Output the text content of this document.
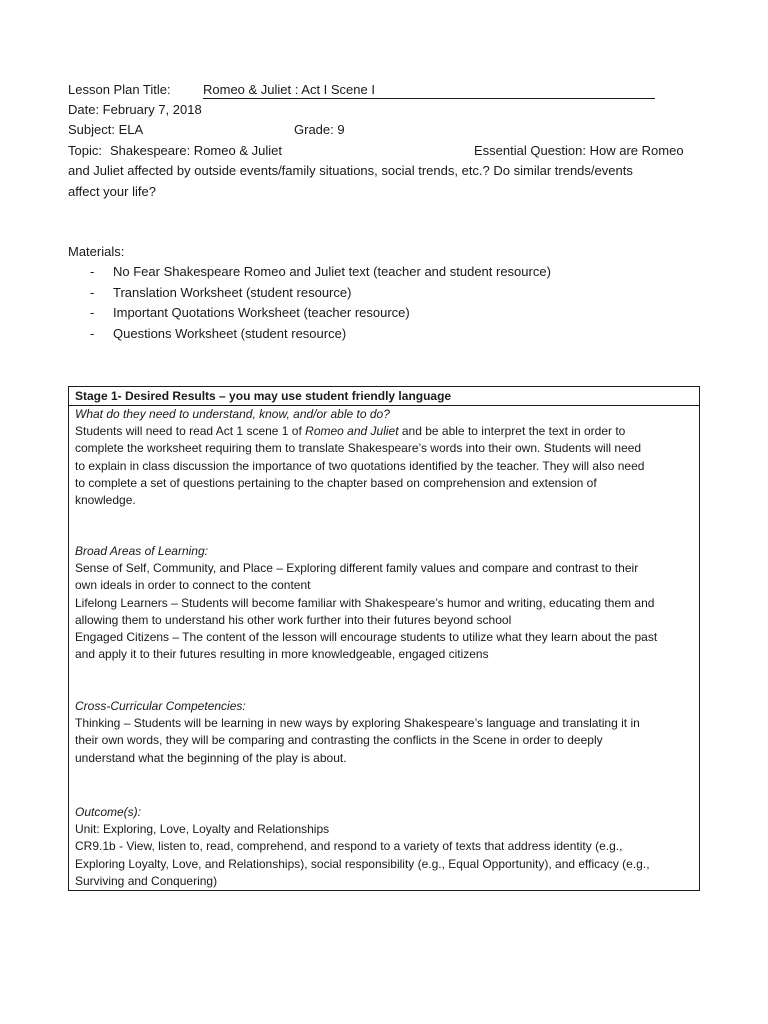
Lesson Plan Title: Romeo & Juliet : Act I Scene I
Date: February 7, 2018
Subject: ELA	Grade: 9
Topic: Shakespeare: Romeo & Juliet	Essential Question: How are Romeo
and Juliet affected by outside events/family situations, social trends, etc.? Do similar trends/events
affect your life?
Materials:
- No Fear Shakespeare Romeo and Juliet text (teacher and student resource)
- Translation Worksheet (student resource)
- Important Quotations Worksheet (teacher resource)
- Questions Worksheet (student resource)
Stage 1- Desired Results – you may use student friendly language
What do they need to understand, know, and/or able to do?
Students will need to read Act 1 scene 1 of Romeo and Juliet and be able to interpret the text in order to
complete the worksheet requiring them to translate Shakespeare’s words into their own. Students will need
to explain in class discussion the importance of two quotations identified by the teacher. They will also need
to complete a set of questions pertaining to the chapter based on comprehension and extension of
knowledge.
Broad Areas of Learning:
Sense of Self, Community, and Place – Exploring different family values and compare and contrast to their
own ideals in order to connect to the content
Lifelong Learners – Students will become familiar with Shakespeare’s humor and writing, educating them and
allowing them to understand his other work further into their futures beyond school
Engaged Citizens – The content of the lesson will encourage students to utilize what they learn about the past
and apply it to their futures resulting in more knowledgeable, engaged citizens
Cross-Curricular Competencies:
Thinking – Students will be learning in new ways by exploring Shakespeare’s language and translating it in
their own words, they will be comparing and contrasting the conflicts in the Scene in order to deeply
understand what the beginning of the play is about.
Outcome(s):
Unit: Exploring, Love, Loyalty and Relationships
CR9.1b - View, listen to, read, comprehend, and respond to a variety of texts that address identity (e.g.,
Exploring Loyalty, Love, and Relationships), social responsibility (e.g., Equal Opportunity), and efficacy (e.g.,
Surviving and Conquering)
